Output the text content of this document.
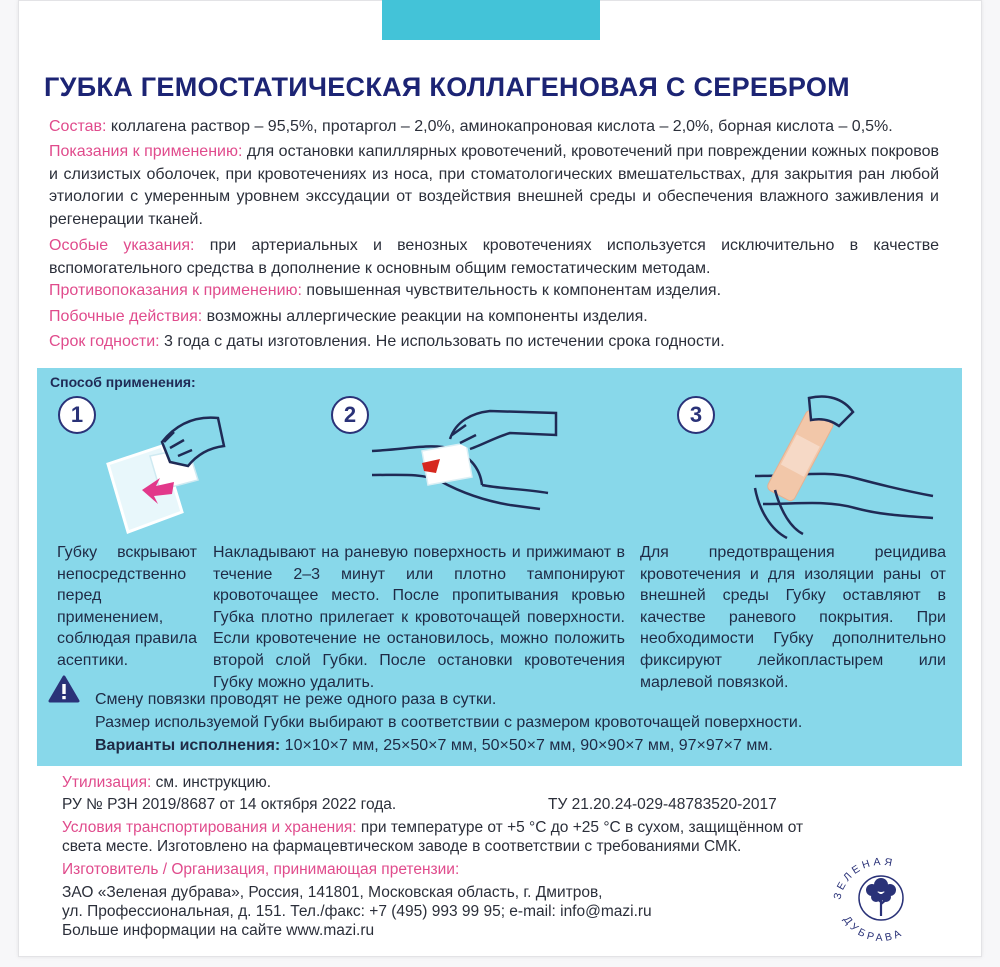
ГУБКА ГЕМОСТАТИЧЕСКАЯ КОЛЛАГЕНОВАЯ С СЕРЕБРОМ
Состав: коллагена раствор – 95,5%, протаргол – 2,0%, аминокапроновая кислота – 2,0%, борная кислота – 0,5%.
Показания к применению: для остановки капиллярных кровотечений, кровотечений при повреждении кожных покровов и слизистых оболочек, при кровотечениях из носа, при стоматологических вмешательствах, для закрытия ран любой этиологии с умеренным уровнем экссудации от воздействия внешней среды и обеспечения влажного заживления и регенерации тканей.
Особые указания: при артериальных и венозных кровотечениях используется исключительно в качестве вспомогательного средства в дополнение к основным общим гемостатическим методам.
Противопоказания к применению: повышенная чувствительность к компонентам изделия.
Побочные действия: возможны аллергические реакции на компоненты изделия.
Срок годности: 3 года с даты изготовления. Не использовать по истечении срока годности.
Способ применения:
1	2	3
Губку вскрывают непосредственно перед применением, соблюдая правила асептики.
Накладывают на раневую поверхность и прижимают в течение 2–3 минут или плотно тампонируют кровоточащее место. После пропитывания кровью Губка плотно прилегает к кровоточащей поверхности. Если кровотечение не остановилось, можно положить второй слой Губки. После остановки кровотечения Губку можно удалить.
Для предотвращения рецидива кровотечения и для изоляции раны от внешней среды Губку оставляют в качестве раневого покрытия. При необходимости Губку дополнительно фиксируют лейкопластырем или марлевой повязкой.
Смену повязки проводят не реже одного раза в сутки.
Размер используемой Губки выбирают в соответствии с размером кровоточащей поверхности.
Варианты исполнения: 10×10×7 мм, 25×50×7 мм, 50×50×7 мм, 90×90×7 мм, 97×97×7 мм.
Утилизация: см. инструкцию.
РУ № РЗН 2019/8687 от 14 октября 2022 года.	ТУ 21.20.24-029-48783520-2017
Условия транспортирования и хранения: при температуре от +5 °С до +25 °С в сухом, защищённом от
света месте. Изготовлено на фармацевтическом заводе в соответствии с требованиями СМК.
Изготовитель / Организация, принимающая претензии:
ЗАО «Зеленая дубрава», Россия, 141801, Московская область, г. Дмитров,
ул. Профессиональная, д. 151. Тел./факс: +7 (495) 993 99 95; e-mail: info@mazi.ru
Больше информации на сайте www.mazi.ru
ЗЕЛЕНАЯ
ДУБРАВА
